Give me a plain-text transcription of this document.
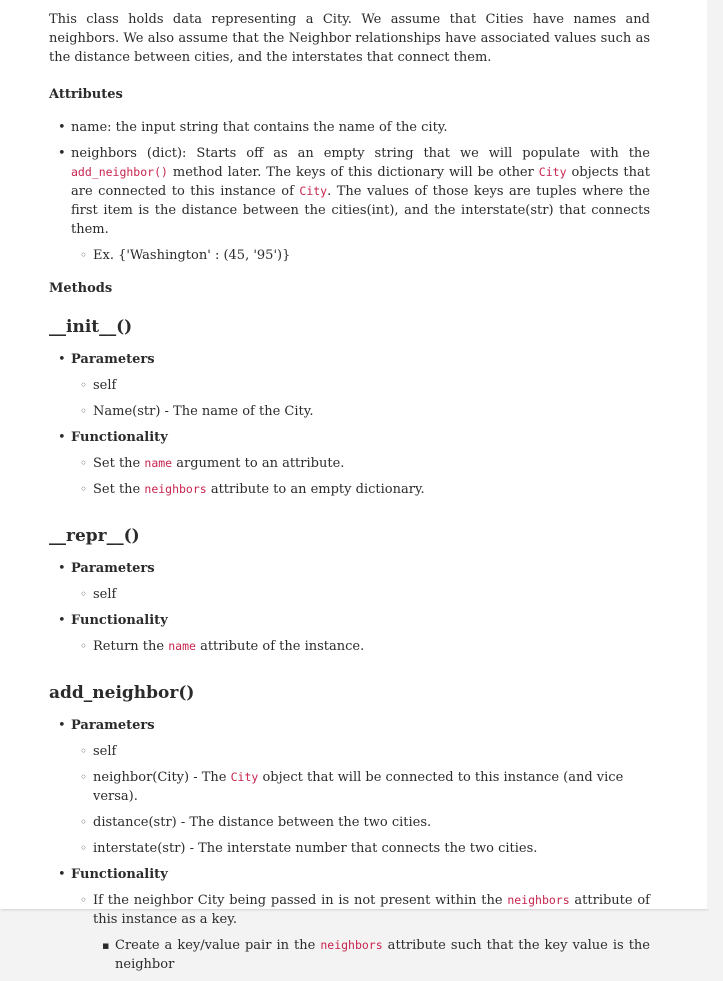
This class holds data representing a City. We assume that Cities have names and neighbors. We also assume that the Neighbor relationships have associated values such as the distance between cities, and the interstates that connect them.

Attributes

• name: the input string that contains the name of the city.
• neighbors (dict): Starts off as an empty string that we will populate with the add_neighbor() method later. The keys of this dictionary will be other City objects that are connected to this instance of City. The values of those keys are tuples where the first item is the distance between the cities(int), and the interstate(str) that connects them.
◦ Ex. {'Washington' : (45, '95')}

Methods

__init__()
• Parameters
◦ self
◦ Name(str) - The name of the City.
• Functionality
◦ Set the name argument to an attribute.
◦ Set the neighbors attribute to an empty dictionary.
__repr__()
• Parameters
◦ self
• Functionality
◦ Return the name attribute of the instance.
add_neighbor()
• Parameters
◦ self
◦ neighbor(City) - The City object that will be connected to this instance (and vice versa).
◦ distance(str) - The distance between the two cities.
◦ interstate(str) - The interstate number that connects the two cities.
• Functionality
◦ If the neighbor City being passed in is not present within the neighbors attribute of this instance as a key.
▪ Create a key/value pair in the neighbors attribute such that the key value is the neighbor
